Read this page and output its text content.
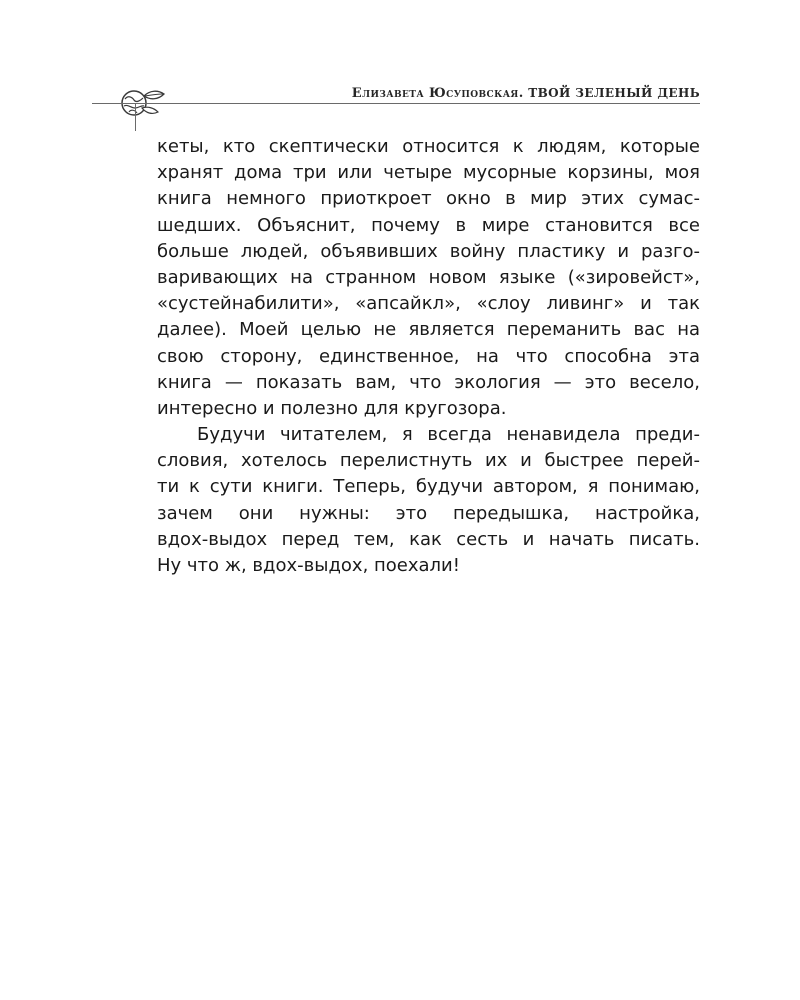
Елизавета Юсуповская. ТВОЙ ЗЕЛЕНЫЙ ДЕНЬ

кеты, кто скептически относится к людям, которые
хранят дома три или четыре мусорные корзины, моя
книга немного приоткроет окно в мир этих сумас-
шедших. Объяснит, почему в мире становится все
больше людей, объявивших войну пластику и разго-
варивающих на странном новом языке («зировейст»,
«сустейнабилити», «апсайкл», «слоу ливинг» и так
далее). Моей целью не является переманить вас на
свою сторону, единственное, на что способна эта
книга — показать вам, что экология — это весело,
интересно и полезно для кругозора.
Будучи читателем, я всегда ненавидела преди-
словия, хотелось перелистнуть их и быстрее перей-
ти к сути книги. Теперь, будучи автором, я понимаю,
зачем они нужны: это передышка, настройка,
вдох-выдох перед тем, как сесть и начать писать.
Ну что ж, вдох-выдох, поехали!
